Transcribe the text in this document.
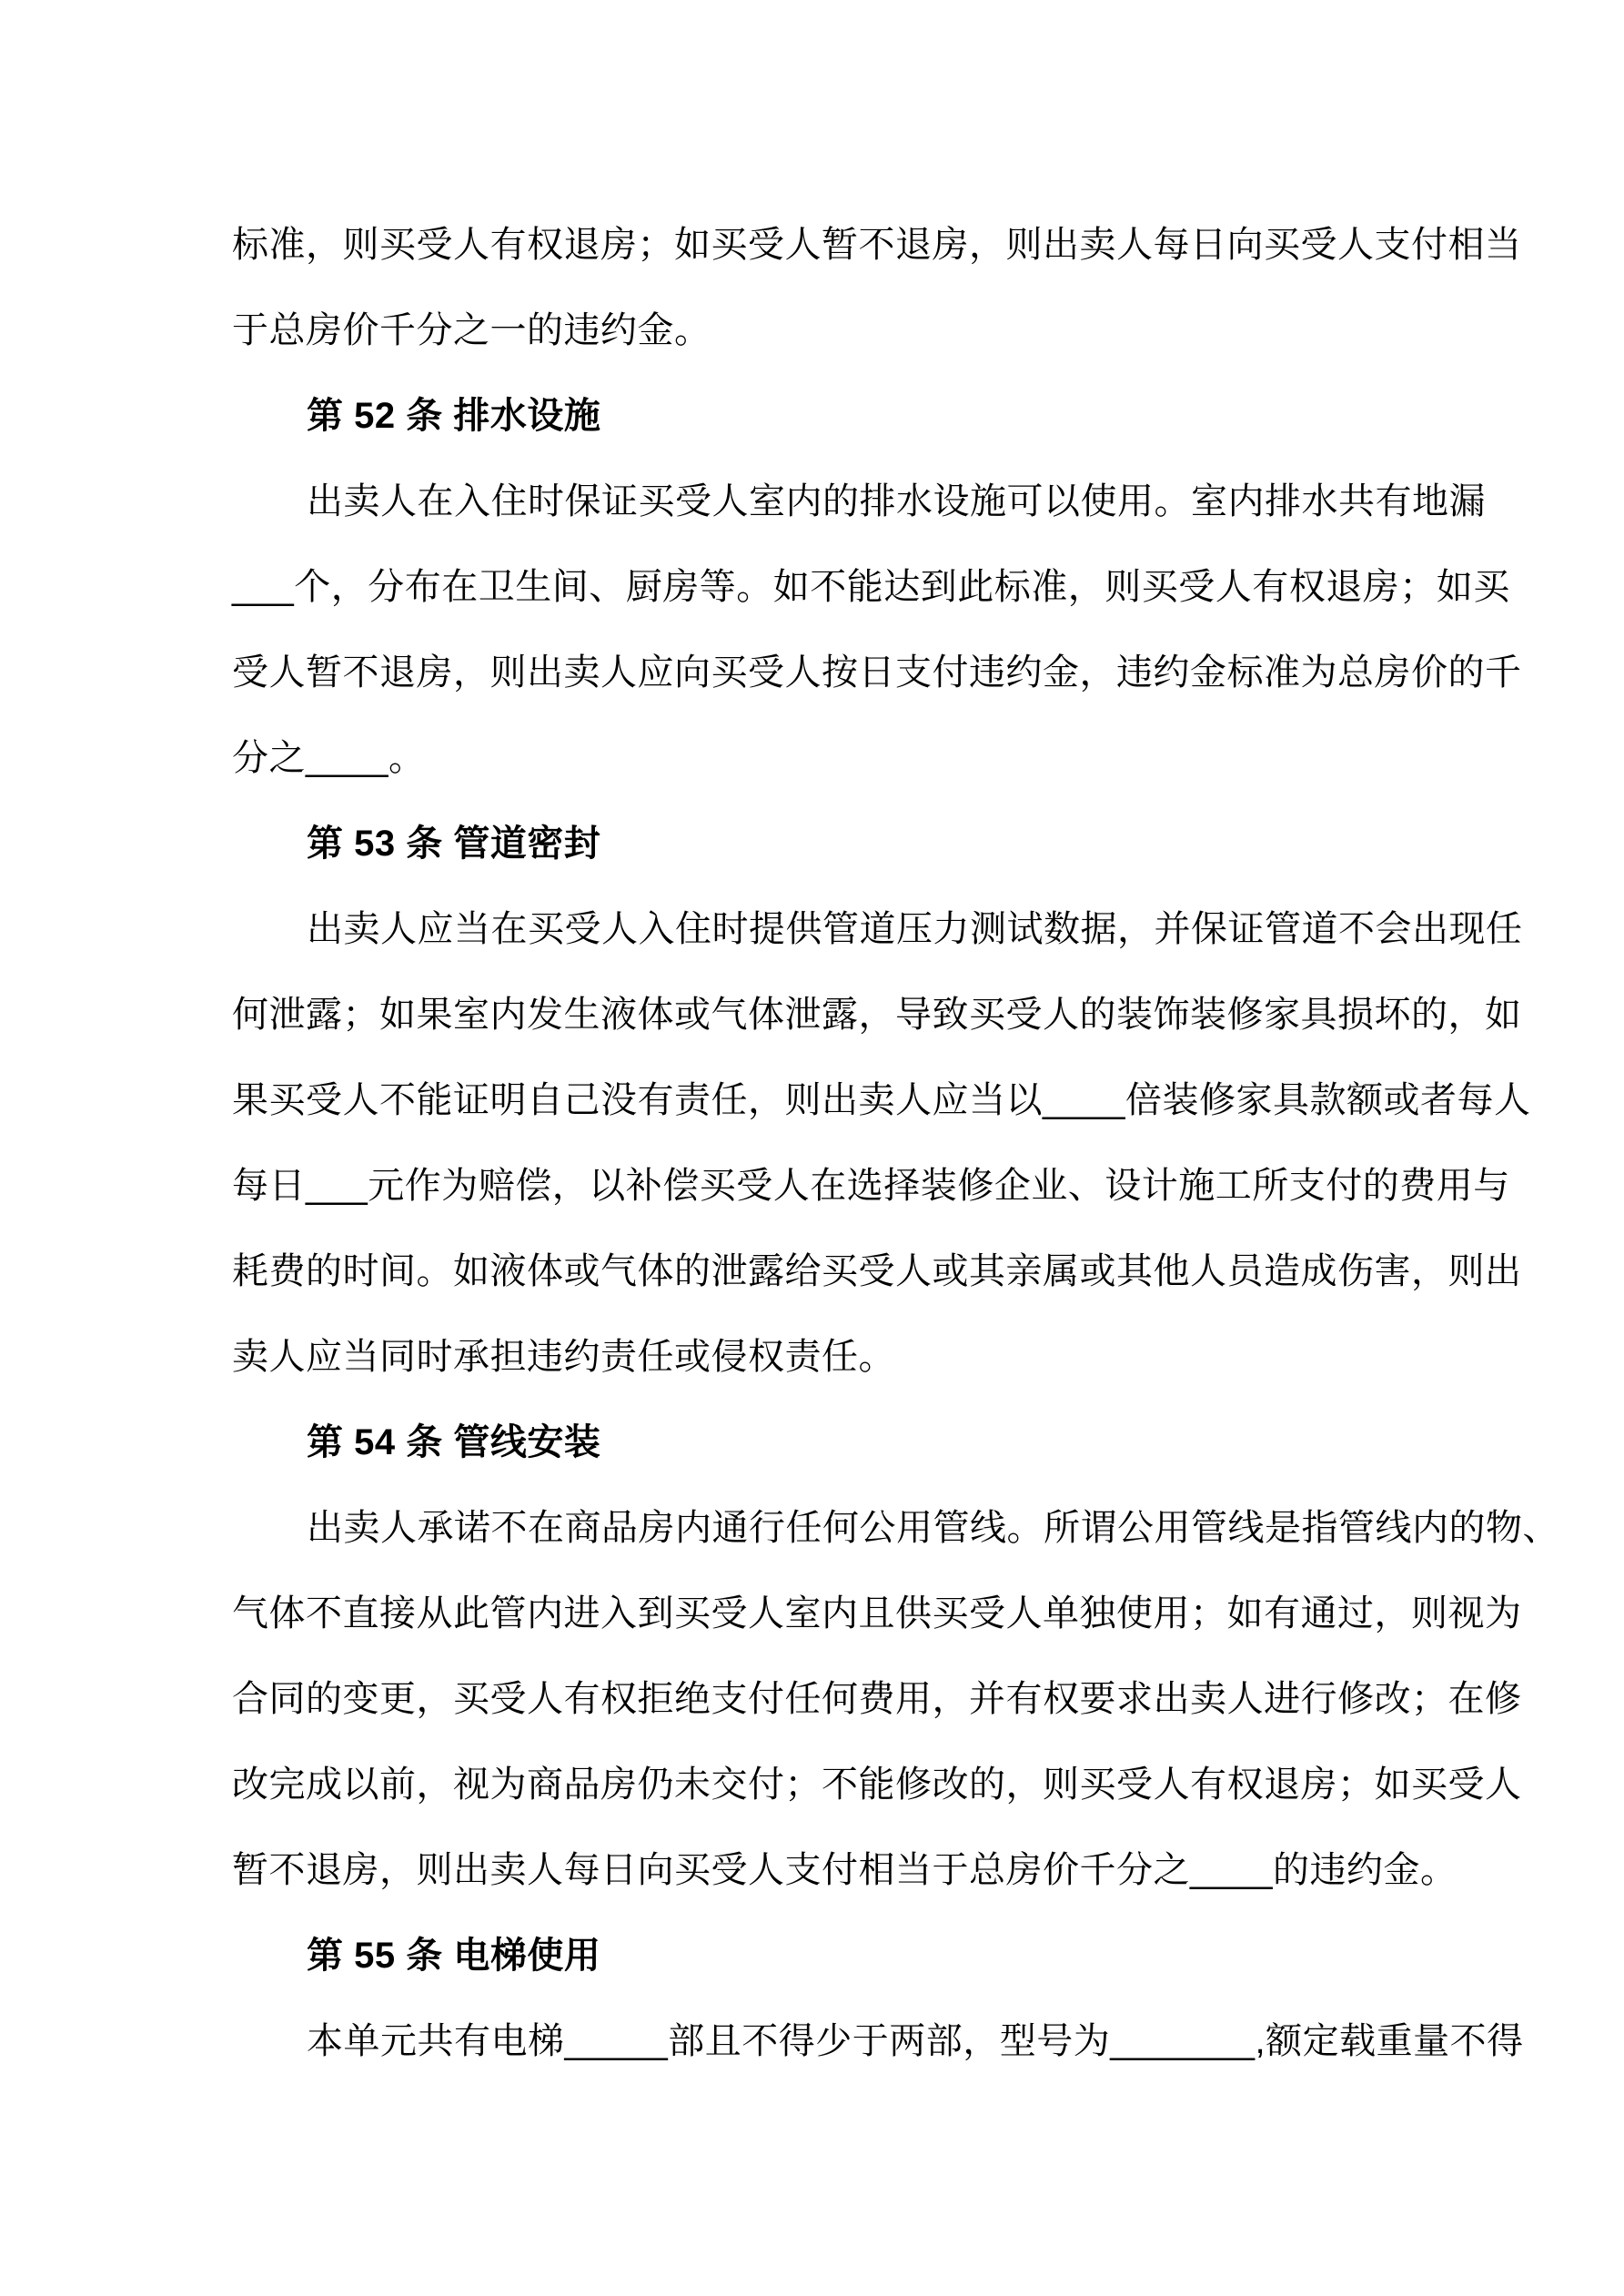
标准，则买受人有权退房；如买受人暂不退房，则出卖人每日向买受人支付相当
于总房价千分之一的违约金。
第 52 条 排水设施
出卖人在入住时保证买受人室内的排水设施可以使用。室内排水共有地漏
___个，分布在卫生间、厨房等。如不能达到此标准，则买受人有权退房；如买
受人暂不退房，则出卖人应向买受人按日支付违约金，违约金标准为总房价的千
分之____。
第 53 条 管道密封
出卖人应当在买受人入住时提供管道压力测试数据，并保证管道不会出现任
何泄露；如果室内发生液体或气体泄露，导致买受人的装饰装修家具损坏的，如
果买受人不能证明自己没有责任，则出卖人应当以____倍装修家具款额或者每人
每日___元作为赔偿，以补偿买受人在选择装修企业、设计施工所支付的费用与
耗费的时间。如液体或气体的泄露给买受人或其亲属或其他人员造成伤害，则出
卖人应当同时承担违约责任或侵权责任。
第 54 条 管线安装
出卖人承诺不在商品房内通行任何公用管线。所谓公用管线是指管线内的物、
气体不直接从此管内进入到买受人室内且供买受人单独使用；如有通过，则视为
合同的变更，买受人有权拒绝支付任何费用，并有权要求出卖人进行修改；在修
改完成以前，视为商品房仍未交付；不能修改的，则买受人有权退房；如买受人
暂不退房，则出卖人每日向买受人支付相当于总房价千分之____的违约金。
第 55 条 电梯使用
本单元共有电梯_____部且不得少于两部，型号为_______,额定载重量不得
